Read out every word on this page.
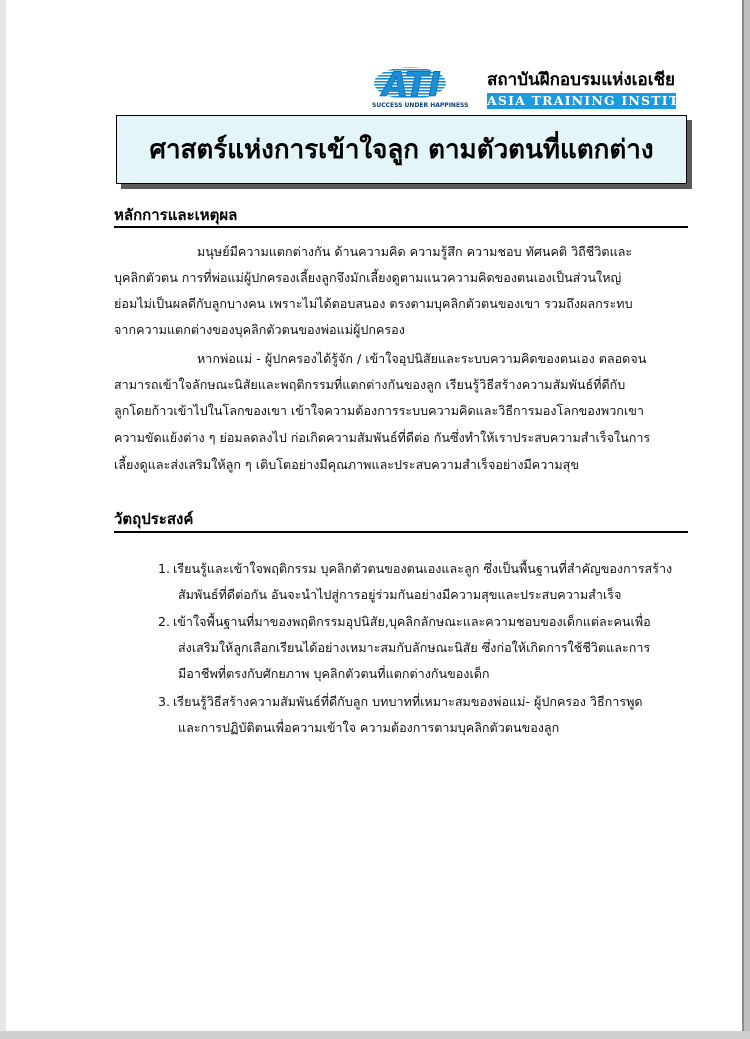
ATI
SUCCESS UNDER HAPPINESS
สถาบันฝึกอบรมแห่งเอเชีย
ASIA TRAINING INSTITUTE
ศาสตร์แห่งการเข้าใจลูก ตามตัวตนที่แตกต่าง
หลักการและเหตุผล
มนุษย์มีความแตกต่างกัน ด้านความคิด ความรู้สึก ความชอบ ทัศนคติ วิถีชีวิตและ
บุคลิกตัวตน การที่พ่อแม่ผู้ปกครองเลี้ยงลูกจึงมักเลี้ยงดูตามแนวความคิดของตนเองเป็นส่วนใหญ่
ย่อมไม่เป็นผลดีกับลูกบางคน เพราะไม่ได้ตอบสนอง ตรงตามบุคลิกตัวตนของเขา รวมถึงผลกระทบ
จากความแตกต่างของบุคลิกตัวตนของพ่อแม่ผู้ปกครอง
หากพ่อแม่ - ผู้ปกครองได้รู้จัก / เข้าใจอุปนิสัยและระบบความคิดของตนเอง ตลอดจน
สามารถเข้าใจลักษณะนิสัยและพฤติกรรมที่แตกต่างกันของลูก เรียนรู้วิธีสร้างความสัมพันธ์ที่ดีกับ
ลูกโดยก้าวเข้าไปในโลกของเขา เข้าใจความต้องการระบบความคิดและวิธีการมองโลกของพวกเขา
ความขัดแย้งต่าง ๆ ย่อมลดลงไป ก่อเกิดความสัมพันธ์ที่ดีต่อ กันซึ่งทำให้เราประสบความสำเร็จในการ
เลี้ยงดูและส่งเสริมให้ลูก ๆ เติบโตอย่างมีคุณภาพและประสบความสำเร็จอย่างมีความสุข
วัตถุประสงค์
1. เรียนรู้และเข้าใจพฤติกรรม บุคลิกตัวตนของตนเองและลูก ซึ่งเป็นพื้นฐานที่สำคัญของการสร้าง
สัมพันธ์ที่ดีต่อกัน อันจะนำไปสู่การอยู่ร่วมกันอย่างมีความสุขและประสบความสำเร็จ
2. เข้าใจพื้นฐานที่มาของพฤติกรรมอุปนิสัย,บุคลิกลักษณะและความชอบของเด็กแต่ละคนเพื่อ
ส่งเสริมให้ลูกเลือกเรียนได้อย่างเหมาะสมกับลักษณะนิสัย ซึ่งก่อให้เกิดการใช้ชีวิตและการ
มีอาชีพที่ตรงกับศักยภาพ บุคลิกตัวตนที่แตกต่างกันของเด็ก
3. เรียนรู้วิธีสร้างความสัมพันธ์ที่ดีกับลูก บทบาทที่เหมาะสมของพ่อแม่- ผู้ปกครอง วิธีการพูด
และการปฏิบัติตนเพื่อความเข้าใจ ความต้องการตามบุคลิกตัวตนของลูก
